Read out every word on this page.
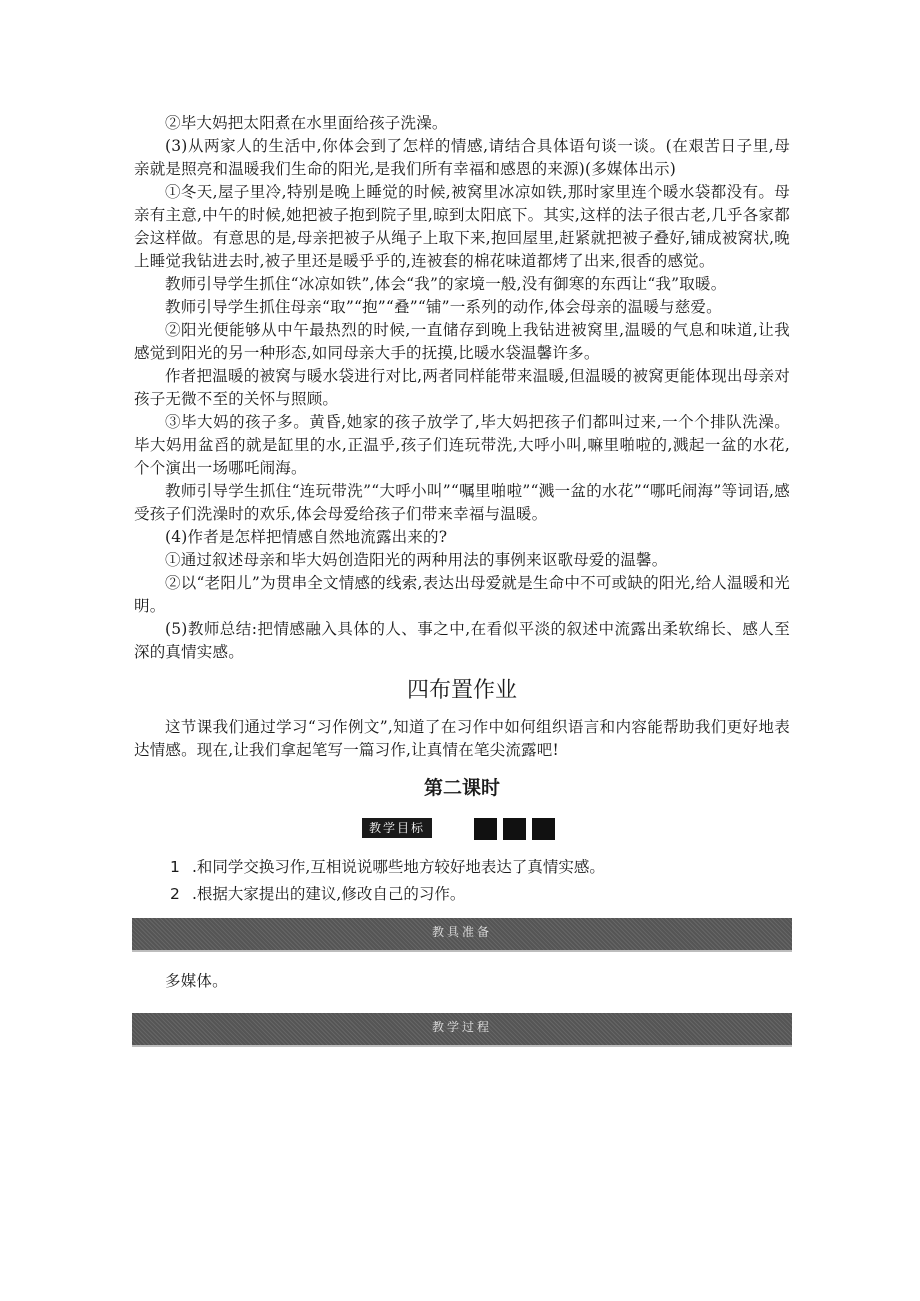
②毕大妈把太阳煮在水里面给孩子洗澡。

(3)从两家人的生活中,你体会到了怎样的情感,请结合具体语句谈一谈。(在艰苦日子里,母亲就是照亮和温暖我们生命的阳光,是我们所有幸福和感恩的来源)(多媒体出示)

①冬天,屋子里冷,特别是晚上睡觉的时候,被窝里冰凉如铁,那时家里连个暖水袋都没有。母亲有主意,中午的时候,她把被子抱到院子里,晾到太阳底下。其实,这样的法子很古老,几乎各家都会这样做。有意思的是,母亲把被子从绳子上取下来,抱回屋里,赶紧就把被子叠好,铺成被窝状,晚上睡觉我钻进去时,被子里还是暖乎乎的,连被套的棉花味道都烤了出来,很香的感觉。

教师引导学生抓住“冰凉如铁”,体会“我”的家境一般,没有御寒的东西让“我”取暖。

教师引导学生抓住母亲“取”“抱”“叠”“铺”一系列的动作,体会母亲的温暖与慈爱。

②阳光便能够从中午最热烈的时候,一直储存到晚上我钻进被窝里,温暖的气息和味道,让我感觉到阳光的另一种形态,如同母亲大手的抚摸,比暖水袋温馨许多。

作者把温暖的被窝与暖水袋进行对比,两者同样能带来温暖,但温暖的被窝更能体现出母亲对孩子无微不至的关怀与照顾。

③毕大妈的孩子多。黄昏,她家的孩子放学了,毕大妈把孩子们都叫过来,一个个排队洗澡。毕大妈用盆舀的就是缸里的水,正温乎,孩子们连玩带洗,大呼小叫,嘛里啪啦的,溅起一盆的水花,个个演出一场哪吒闹海。

教师引导学生抓住“连玩带洗”“大呼小叫”“嘱里啪啦”“溅一盆的水花”“哪吒闹海”等词语,感受孩子们洗澡时的欢乐,体会母爱给孩子们带来幸福与温暖。

(4)作者是怎样把情感自然地流露出来的?

①通过叙述母亲和毕大妈创造阳光的两种用法的事例来讴歌母爱的温馨。

②以“老阳儿”为贯串全文情感的线索,表达出母爱就是生命中不可或缺的阳光,给人温暖和光明。

(5)教师总结:把情感融入具体的人、事之中,在看似平淡的叙述中流露出柔软绵长、感人至深的真情实感。

四布置作业

这节课我们通过学习“习作例文”,知道了在习作中如何组织语言和内容能帮助我们更好地表达情感。现在,让我们拿起笔写一篇习作,让真情在笔尖流露吧!

第二课时
教学目标
1 .和同学交换习作,互相说说哪些地方较好地表达了真情实感。
2 .根据大家提出的建议,修改自己的习作。
教具准备

多媒体。

教学过程
